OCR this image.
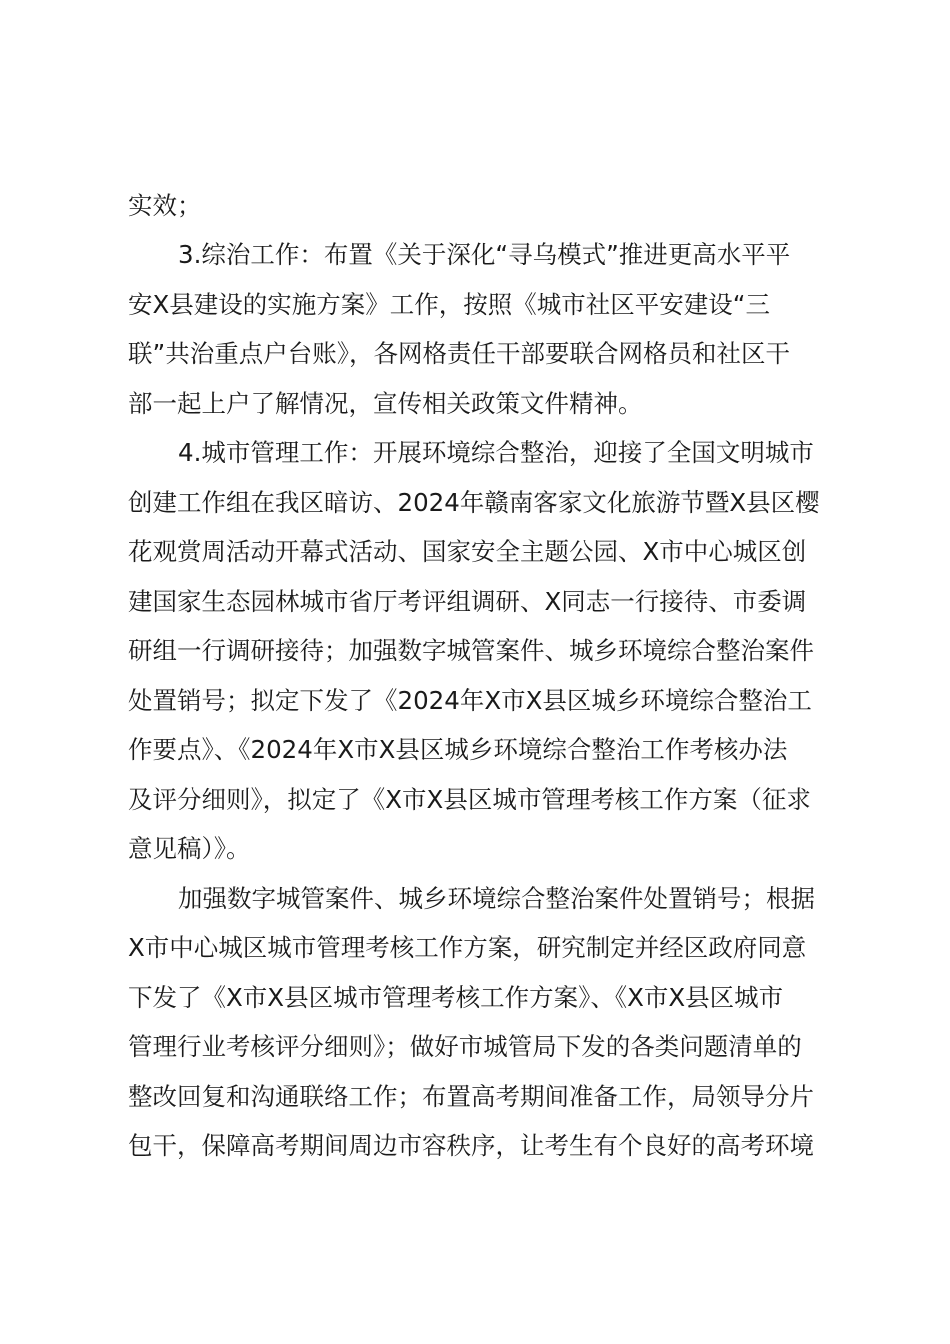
实效；
3.综治工作：布置《关于深化“寻乌模式”推进更高水平平
安X县建设的实施方案》工作，按照《城市社区平安建设“三
联”共治重点户台账》，各网格责任干部要联合网格员和社区干
部一起上户了解情况，宣传相关政策文件精神。
4.城市管理工作：开展环境综合整治，迎接了全国文明城市
创建工作组在我区暗访、2024年赣南客家文化旅游节暨X县区樱
花观赏周活动开幕式活动、国家安全主题公园、X市中心城区创
建国家生态园林城市省厅考评组调研、X同志一行接待、市委调
研组一行调研接待；加强数字城管案件、城乡环境综合整治案件
处置销号；拟定下发了《2024年X市X县区城乡环境综合整治工
作要点》、《2024年X市X县区城乡环境综合整治工作考核办法
及评分细则》，拟定了《X市X县区城市管理考核工作方案（征求
意见稿）》。
加强数字城管案件、城乡环境综合整治案件处置销号；根据
X市中心城区城市管理考核工作方案，研究制定并经区政府同意
下发了《X市X县区城市管理考核工作方案》、《X市X县区城市
管理行业考核评分细则》；做好市城管局下发的各类问题清单的
整改回复和沟通联络工作；布置高考期间准备工作，局领导分片
包干，保障高考期间周边市容秩序，让考生有个良好的高考环境
